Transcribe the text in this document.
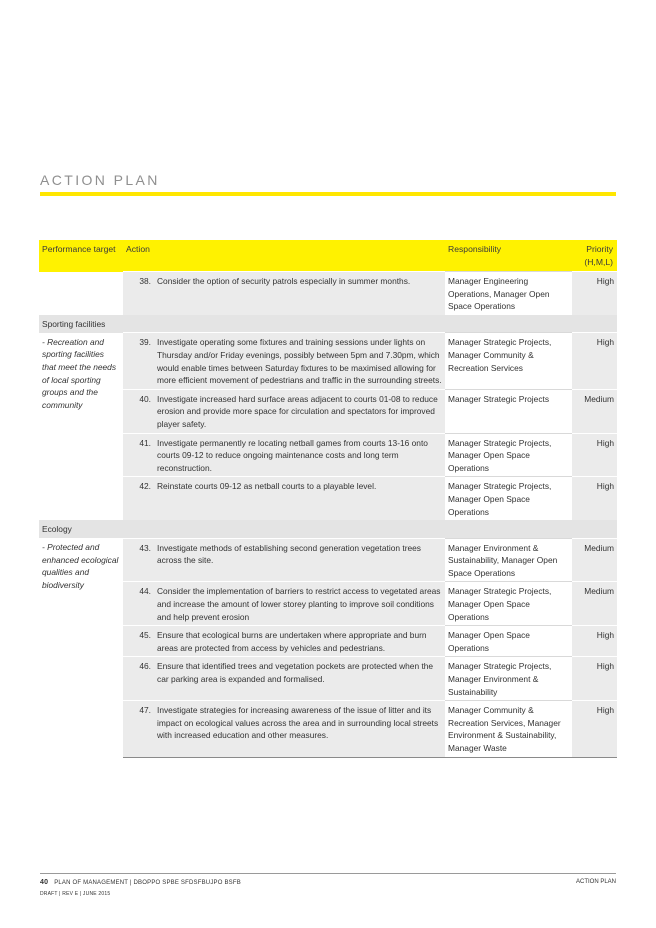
ACTION PLAN
Performance target	Action		Responsibility	Priority (H,M,L)
	38.	Consider the option of security patrols especially in summer months.	Manager Engineering Operations, Manager Open Space Operations	High
Sporting facilities				
- Recreation and sporting facilities that meet the needs of local sporting groups and the community	39.	Investigate operating some fixtures and training sessions under lights on Thursday and/or Friday evenings, possibly between 5pm and 7.30pm, which would enable times between Saturday fixtures to be maximised allowing for more efficient movement of pedestrians and traffic in the surrounding streets.	Manager Strategic Projects, Manager Community & Recreation Services	High
	40.	Investigate increased hard surface areas adjacent to courts 01-08 to reduce erosion and provide more space for circulation and spectators for improved player safety.	Manager Strategic Projects	Medium
	41.	Investigate permanently re locating netball games from courts 13-16 onto courts 09-12 to reduce ongoing maintenance costs and long term reconstruction.	Manager Strategic Projects, Manager Open Space Operations	High
	42.	Reinstate courts 09-12 as netball courts to a playable level.	Manager Strategic Projects, Manager Open Space Operations	High
Ecology				
- Protected and enhanced ecological qualities and biodiversity	43.	Investigate methods of establishing second generation vegetation trees across the site.	Manager Environment & Sustainability, Manager Open Space Operations	Medium
	44.	Consider the implementation of barriers to restrict access to vegetated areas and increase the amount of lower storey planting to improve soil conditions and help prevent erosion	Manager Strategic Projects, Manager Open Space Operations	Medium
	45.	Ensure that ecological burns are undertaken where appropriate and burn areas are protected from access by vehicles and pedestrians.	Manager Open Space Operations	High
	46.	Ensure that identified trees and vegetation pockets are protected when the car parking area is expanded and formalised.	Manager Strategic Projects, Manager Environment & Sustainability	High
	47.	Investigate strategies for increasing awareness of the issue of litter and its impact on ecological values across the area and in surrounding local streets with increased education and other measures.	Manager Community & Recreation Services, Manager Environment & Sustainability, Manager Waste	High
40 PLAN OF MANAGEMENT | DBOPPO SPBE SFDSFBUJPO BSFB
DRAFT | REV E | JUNE 2015
ACTION PLAN
